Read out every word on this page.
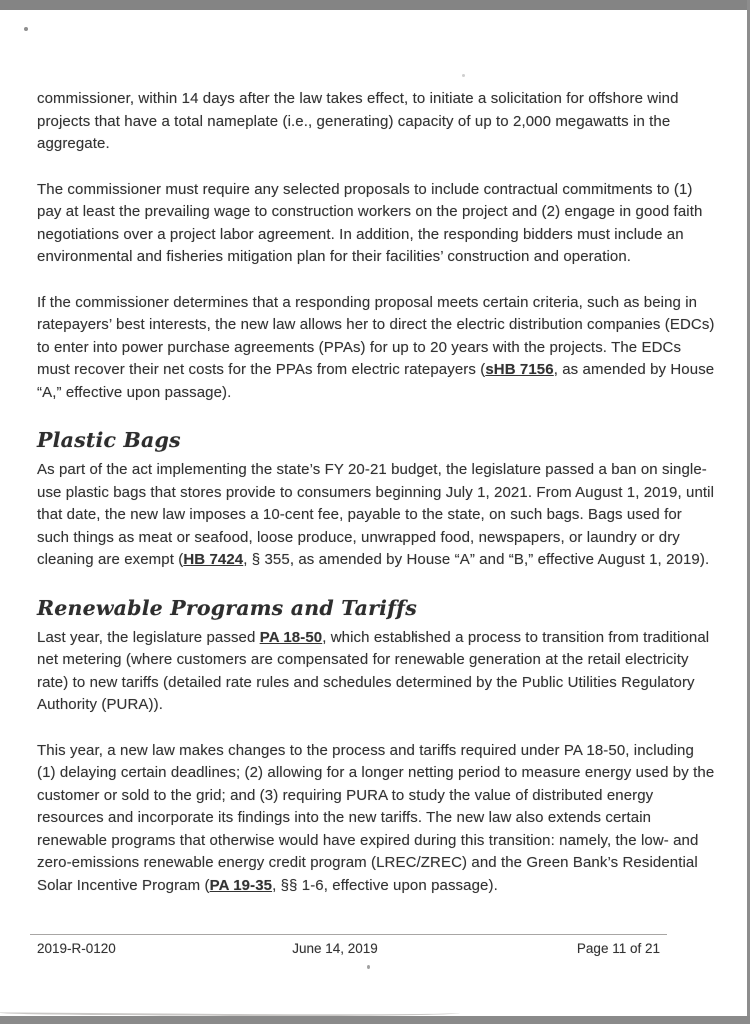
commissioner, within 14 days after the law takes effect, to initiate a solicitation for offshore wind projects that have a total nameplate (i.e., generating) capacity of up to 2,000 megawatts in the aggregate.

The commissioner must require any selected proposals to include contractual commitments to (1) pay at least the prevailing wage to construction workers on the project and (2) engage in good faith negotiations over a project labor agreement. In addition, the responding bidders must include an environmental and fisheries mitigation plan for their facilities’ construction and operation.

If the commissioner determines that a responding proposal meets certain criteria, such as being in ratepayers’ best interests, the new law allows her to direct the electric distribution companies (EDCs) to enter into power purchase agreements (PPAs) for up to 20 years with the projects. The EDCs must recover their net costs for the PPAs from electric ratepayers (sHB 7156, as amended by House “A,” effective upon passage).

Plastic Bags

As part of the act implementing the state’s FY 20-21 budget, the legislature passed a ban on single-use plastic bags that stores provide to consumers beginning July 1, 2021. From August 1, 2019, until that date, the new law imposes a 10-cent fee, payable to the state, on such bags. Bags used for such things as meat or seafood, loose produce, unwrapped food, newspapers, or laundry or dry cleaning are exempt (HB 7424, § 355, as amended by House “A” and “B,” effective August 1, 2019).

Renewable Programs and Tariffs

Last year, the legislature passed PA 18-50, which established a process to transition from traditional net metering (where customers are compensated for renewable generation at the retail electricity rate) to new tariffs (detailed rate rules and schedules determined by the Public Utilities Regulatory Authority (PURA)).

This year, a new law makes changes to the process and tariffs required under PA 18-50, including (1) delaying certain deadlines; (2) allowing for a longer netting period to measure energy used by the customer or sold to the grid; and (3) requiring PURA to study the value of distributed energy resources and incorporate its findings into the new tariffs. The new law also extends certain renewable programs that otherwise would have expired during this transition: namely, the low- and zero-emissions renewable energy credit program (LREC/ZREC) and the Green Bank’s Residential Solar Incentive Program (PA 19-35, §§ 1-6, effective upon passage).

2019-R-0120	June 14, 2019	Page 11 of 21
